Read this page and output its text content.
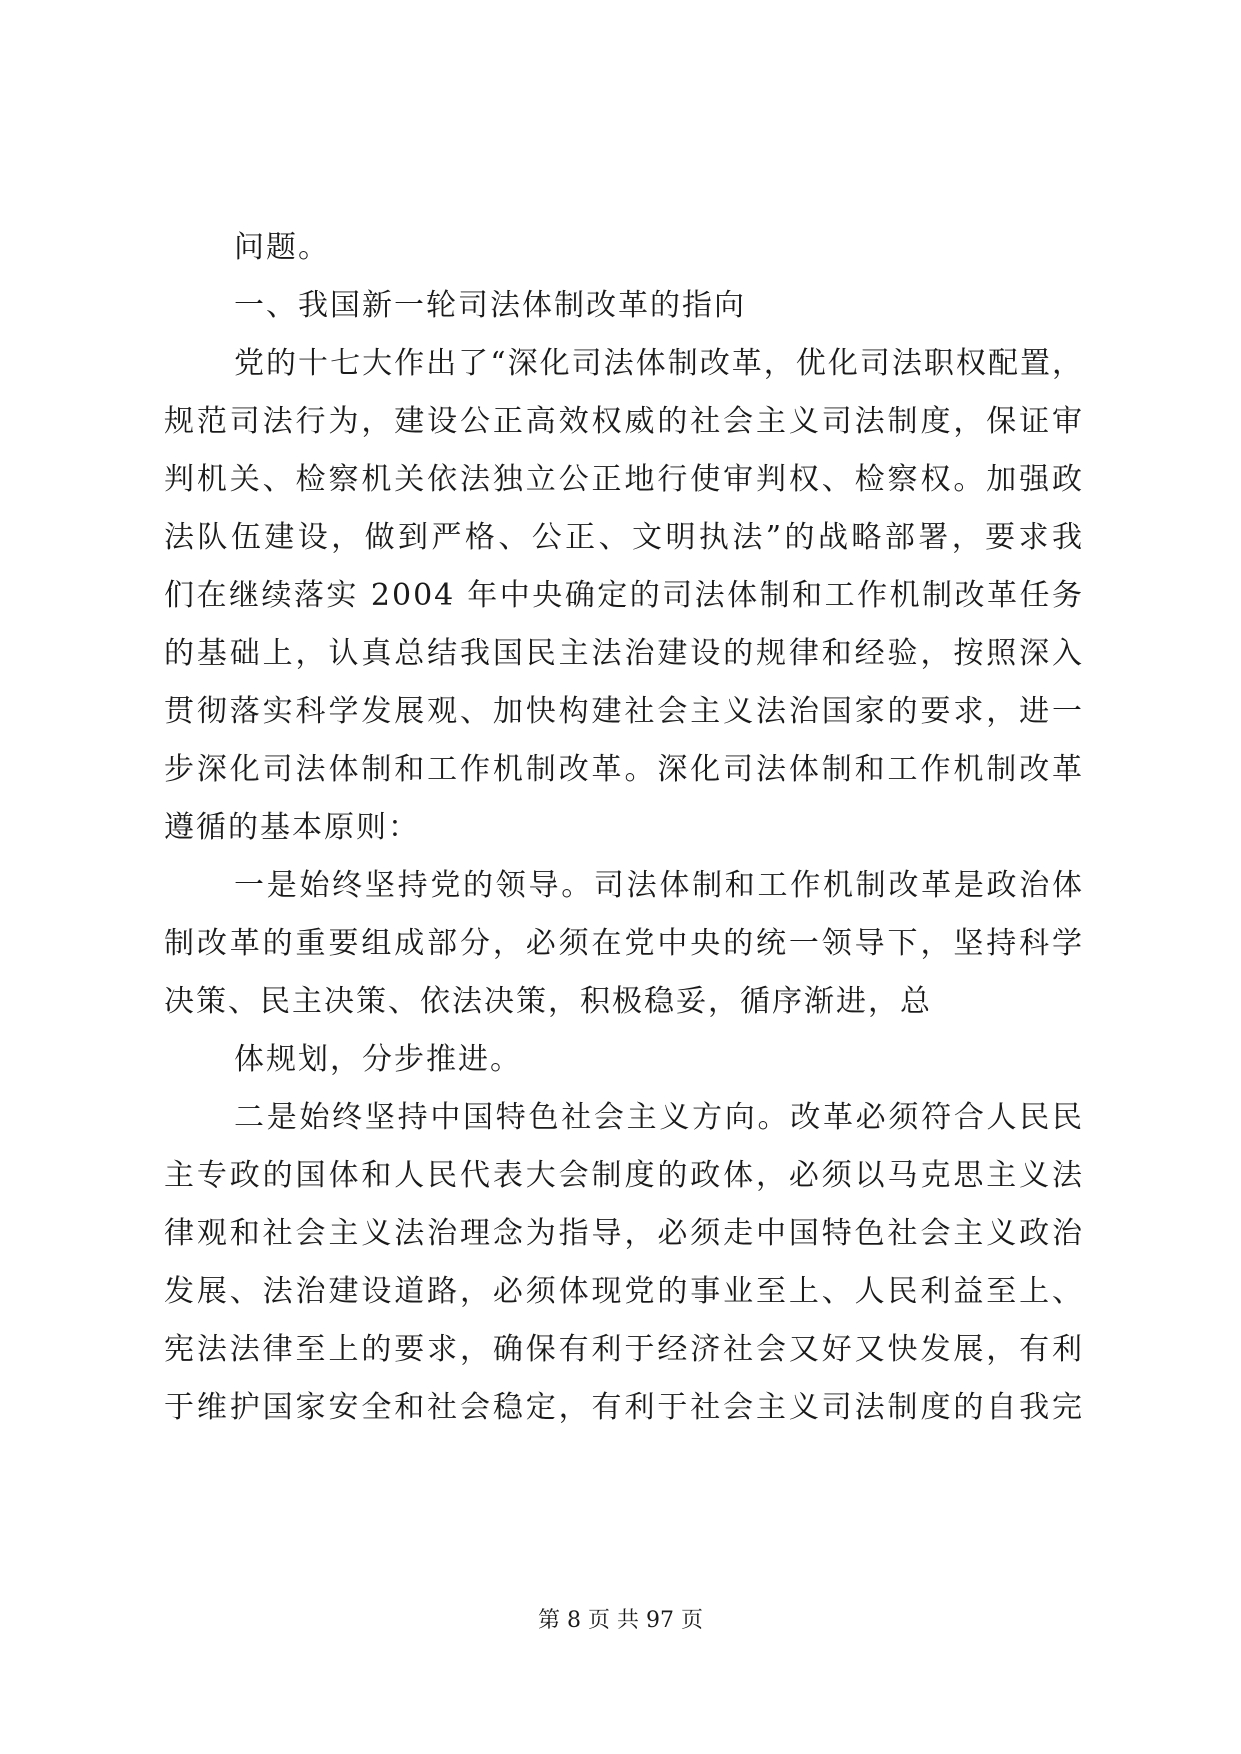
问题。
一、我国新一轮司法体制改革的指向
党的十七大作出了“深化司法体制改革，优化司法职权配置，
规范司法行为，建设公正高效权威的社会主义司法制度，保证审
判机关、检察机关依法独立公正地行使审判权、检察权。加强政
法队伍建设，做到严格、公正、文明执法”的战略部署，要求我
们在继续落实 2004 年中央确定的司法体制和工作机制改革任务
的基础上，认真总结我国民主法治建设的规律和经验，按照深入
贯彻落实科学发展观、加快构建社会主义法治国家的要求，进一
步深化司法体制和工作机制改革。深化司法体制和工作机制改革
遵循的基本原则：
一是始终坚持党的领导。司法体制和工作机制改革是政治体
制改革的重要组成部分，必须在党中央的统一领导下，坚持科学
决策、民主决策、依法决策，积极稳妥，循序渐进，总
体规划，分步推进。
二是始终坚持中国特色社会主义方向。改革必须符合人民民
主专政的国体和人民代表大会制度的政体，必须以马克思主义法
律观和社会主义法治理念为指导，必须走中国特色社会主义政治
发展、法治建设道路，必须体现党的事业至上、人民利益至上、
宪法法律至上的要求，确保有利于经济社会又好又快发展，有利
于维护国家安全和社会稳定，有利于社会主义司法制度的自我完
第 8 页 共 97 页
